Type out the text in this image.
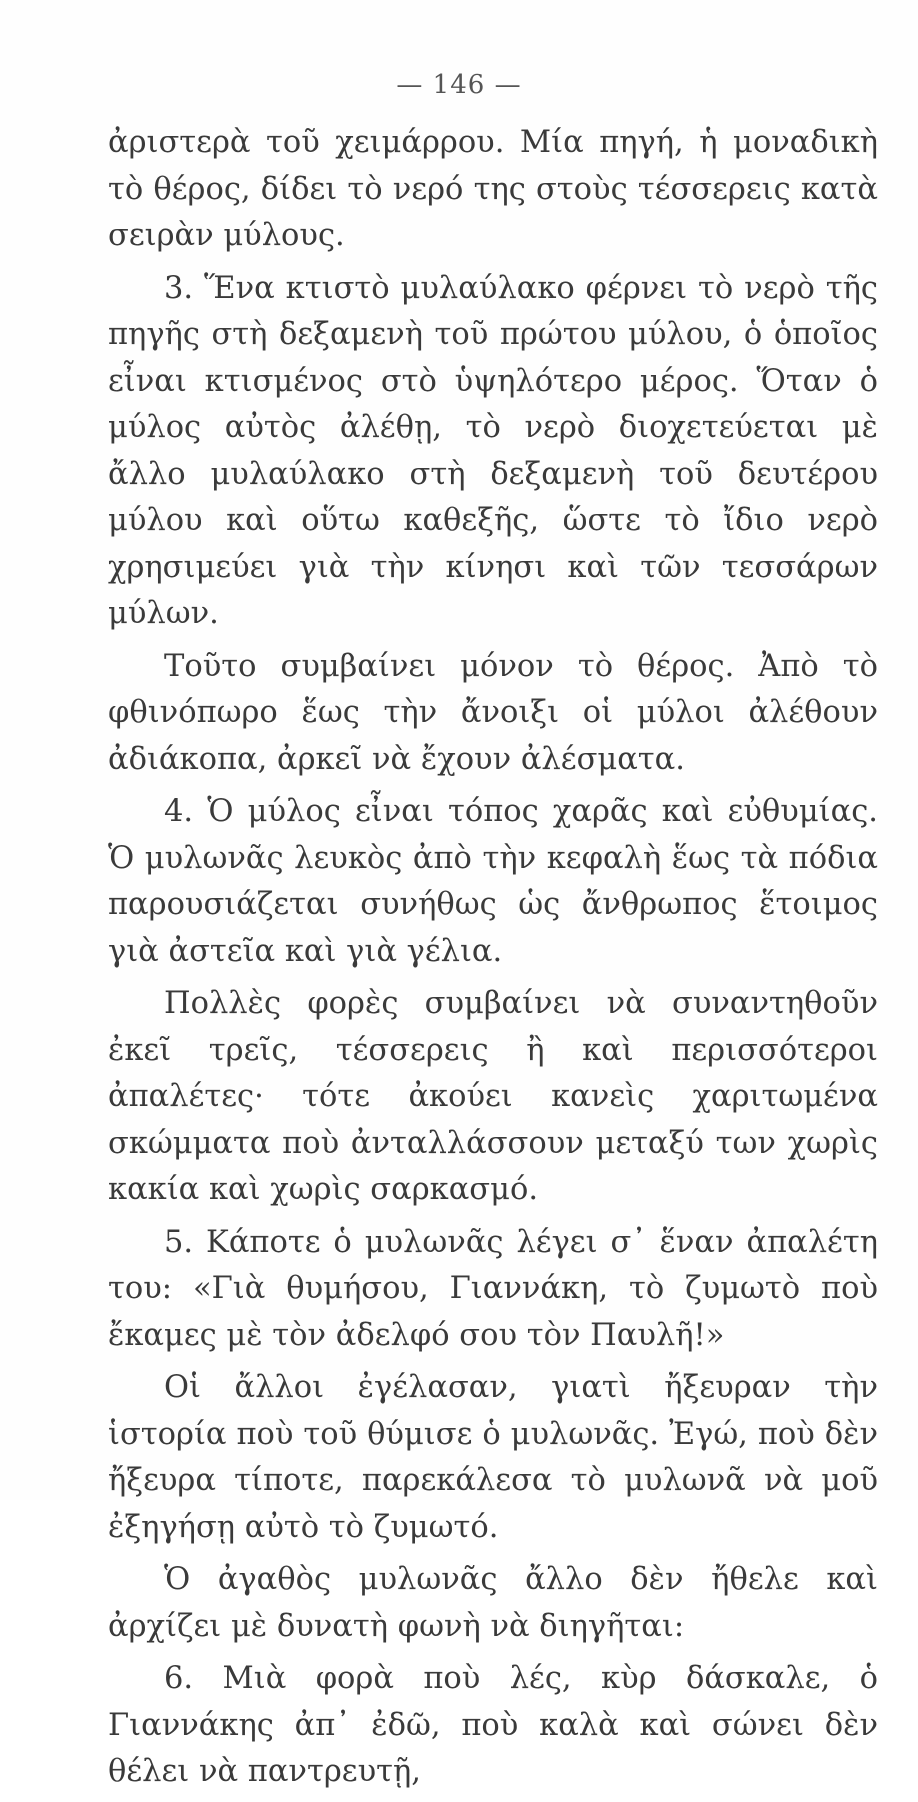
— 146 —

ἀριστερὰ τοῦ χειμάρρου. Μία πηγή, ἡ μοναδικὴ τὸ θέρος, δίδει τὸ νερό της στοὺς τέσσερεις κατὰ σειρὰν μύλους.

3. Ἕνα κτιστὸ μυλαύλακο φέρνει τὸ νερὸ τῆς πηγῆς στὴ δεξαμενὴ τοῦ πρώτου μύλου, ὁ ὁποῖος εἶναι κτισμένος στὸ ὑψηλότερο μέρος. Ὅταν ὁ μύλος αὐτὸς ἀλέθῃ, τὸ νερὸ διοχετεύεται μὲ ἄλλο μυλαύλακο στὴ δεξαμενὴ τοῦ δευτέρου μύλου καὶ οὕτω καθεξῆς, ὥστε τὸ ἴδιο νερὸ χρησιμεύει γιὰ τὴν κίνησι καὶ τῶν τεσσάρων μύλων.

Τοῦτο συμβαίνει μόνον τὸ θέρος. Ἀπὸ τὸ φθινόπωρο ἕως τὴν ἄνοιξι οἱ μύλοι ἀλέθουν ἀδιάκοπα, ἀρκεῖ νὰ ἔχουν ἀλέσματα.

4. Ὁ μύλος εἶναι τόπος χαρᾶς καὶ εὐθυμίας. Ὁ μυλωνᾶς λευκὸς ἀπὸ τὴν κεφαλὴ ἕως τὰ πόδια παρουσιάζεται συνήθως ὡς ἄνθρωπος ἕτοιμος γιὰ ἀστεῖα καὶ γιὰ γέλια.

Πολλὲς φορὲς συμβαίνει νὰ συναντηθοῦν ἐκεῖ τρεῖς, τέσσερεις ἢ καὶ περισσότεροι ἀπαλέτες· τότε ἀκούει κανεὶς χαριτωμένα σκώμματα ποὺ ἀνταλλάσσουν μεταξύ των χωρὶς κακία καὶ χωρὶς σαρκασμό.

5. Κάποτε ὁ μυλωνᾶς λέγει σ᾿ ἕναν ἀπαλέτη του: «Γιὰ θυμήσου, Γιαννάκη, τὸ ζυμωτὸ ποὺ ἔκαμες μὲ τὸν ἀδελφό σου τὸν Παυλῆ!»

Οἱ ἄλλοι ἐγέλασαν, γιατὶ ἤξευραν τὴν ἱστορία ποὺ τοῦ θύμισε ὁ μυλωνᾶς. Ἐγώ, ποὺ δὲν ἤξευρα τίποτε, παρεκάλεσα τὸ μυλωνᾶ νὰ μοῦ ἐξηγήσῃ αὐτὸ τὸ ζυμωτό.

Ὁ ἀγαθὸς μυλωνᾶς ἄλλο δὲν ἤθελε καὶ ἀρχίζει μὲ δυνατὴ φωνὴ νὰ διηγῆται:

6. Μιὰ φορὰ ποὺ λές, κὺρ δάσκαλε, ὁ Γιαννάκης ἀπ᾿ ἐδῶ, ποὺ καλὰ καὶ σώνει δὲν θέλει νὰ παντρευτῇ,
